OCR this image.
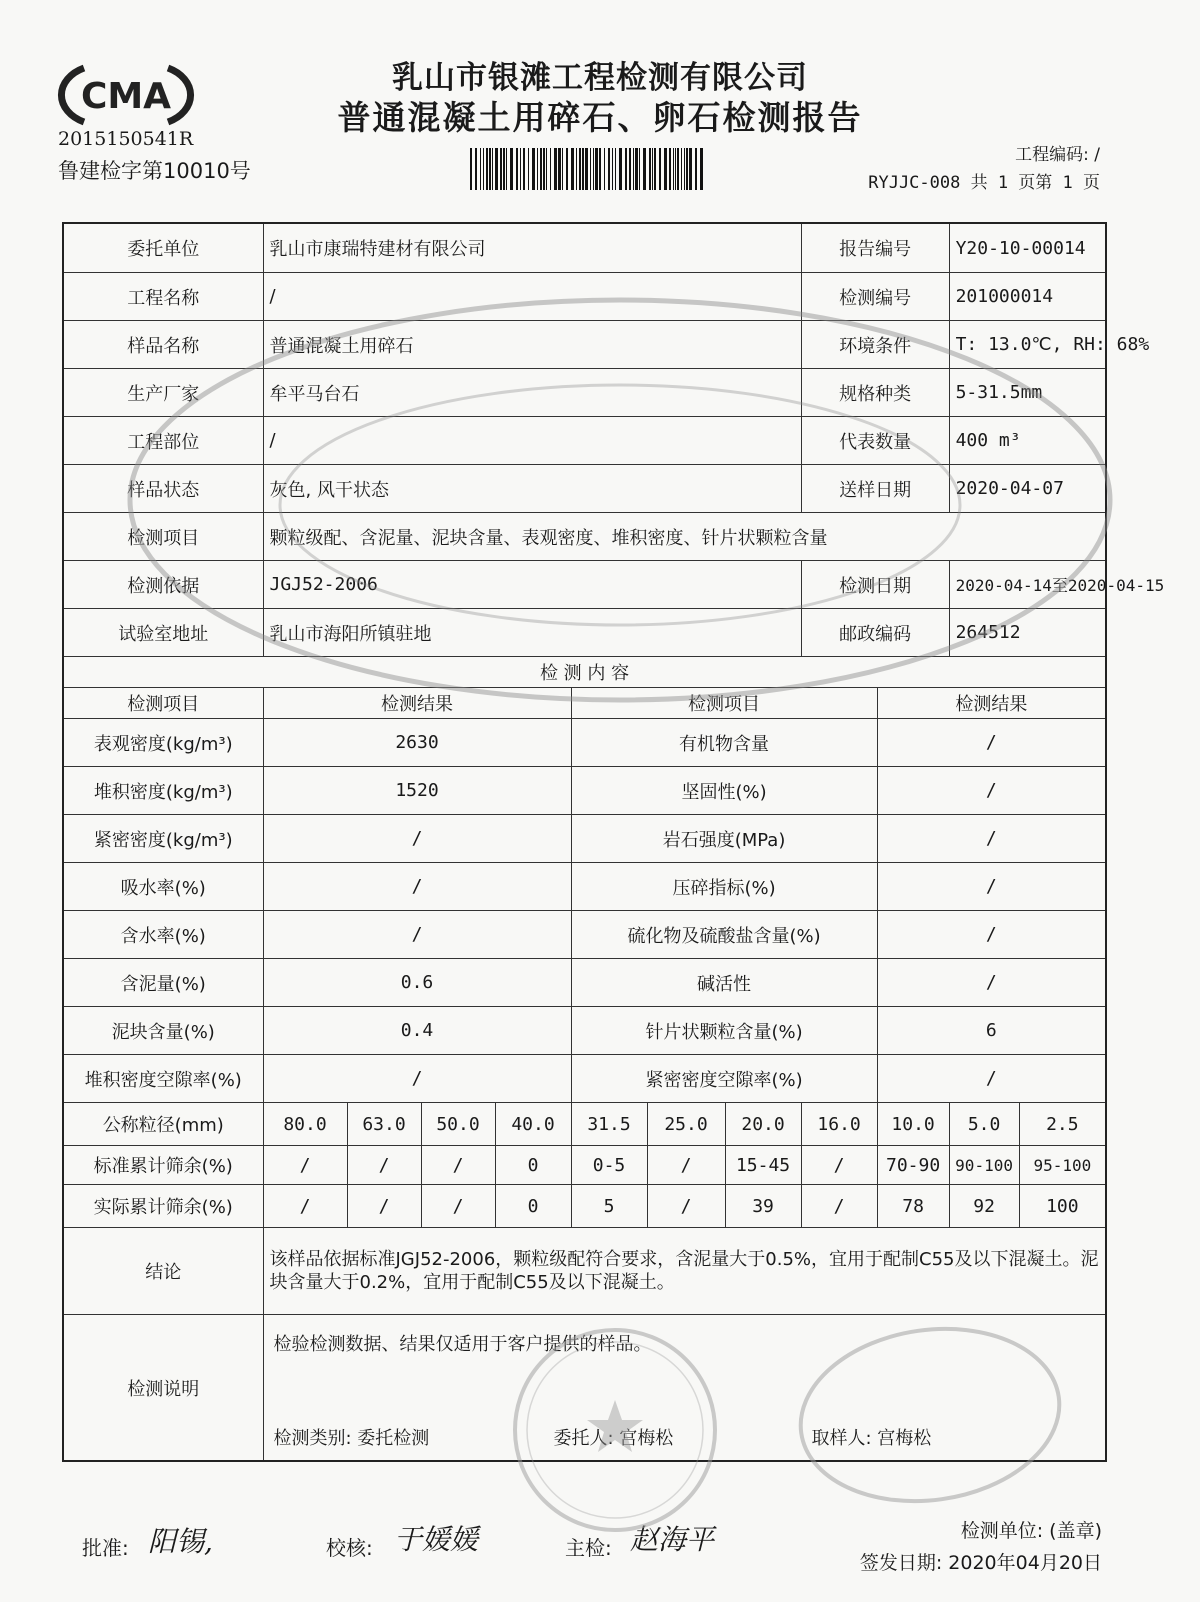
CMA
2015150541R
鲁建检字第10010号
乳山市银滩工程检测有限公司
普通混凝土用碎石、卵石检测报告
工程编码: /
RYJJC-008 共 1 页第 1 页
委托单位	乳山市康瑞特建材有限公司							报告编号		Y20-10-00014	
工程名称	/							检测编号		201000014	
样品名称	普通混凝土用碎石							环境条件		T: 13.0℃, RH: 68%	
生产厂家	牟平马台石							规格种类		5-31.5mm	
工程部位	/							代表数量		400 m³	
样品状态	灰色, 风干状态							送样日期		2020-04-07	
检测项目	颗粒级配、含泥量、泥块含量、表观密度、堆积密度、针片状颗粒含量										
检测依据	JGJ52-2006							检测日期		2020-04-14至2020-04-15	
试验室地址	乳山市海阳所镇驻地							邮政编码		264512	
检 测 内 容											
检测项目	检测结果				检测项目				检测结果		
表观密度(kg/m³)	2630				有机物含量				/		
堆积密度(kg/m³)	1520				坚固性(%)				/		
紧密密度(kg/m³)	/				岩石强度(MPa)				/		
吸水率(%)	/				压碎指标(%)				/		
含水率(%)	/				硫化物及硫酸盐含量(%)				/		
含泥量(%)	0.6				碱活性				/		
泥块含量(%)	0.4				针片状颗粒含量(%)				6		
堆积密度空隙率(%)	/				紧密密度空隙率(%)				/		
公称粒径(mm)	80.0	63.0	50.0	40.0	31.5	25.0	20.0	16.0	10.0	5.0	2.5
标准累计筛余(%)	/	/	/	0	0-5	/	15-45	/	70-90	90-100	95-100
实际累计筛余(%)	/	/	/	0	5	/	39	/	78	92	100
结论	该样品依据标准JGJ52-2006，颗粒级配符合要求，含泥量大于0.5%，宜用于配制C55及以下混凝土。泥块含量大于0.2%，宜用于配制C55及以下混凝土。										
检测说明	检验检测数据、结果仅适用于客户提供的样品。
检测类别: 委托检测 委托人: 宫梅松 取样人: 宫梅松										
批准: 阳锡,	校核: 于媛媛	主检: 赵海平	检测单位: (盖章)
签发日期: 2020年04月20日
